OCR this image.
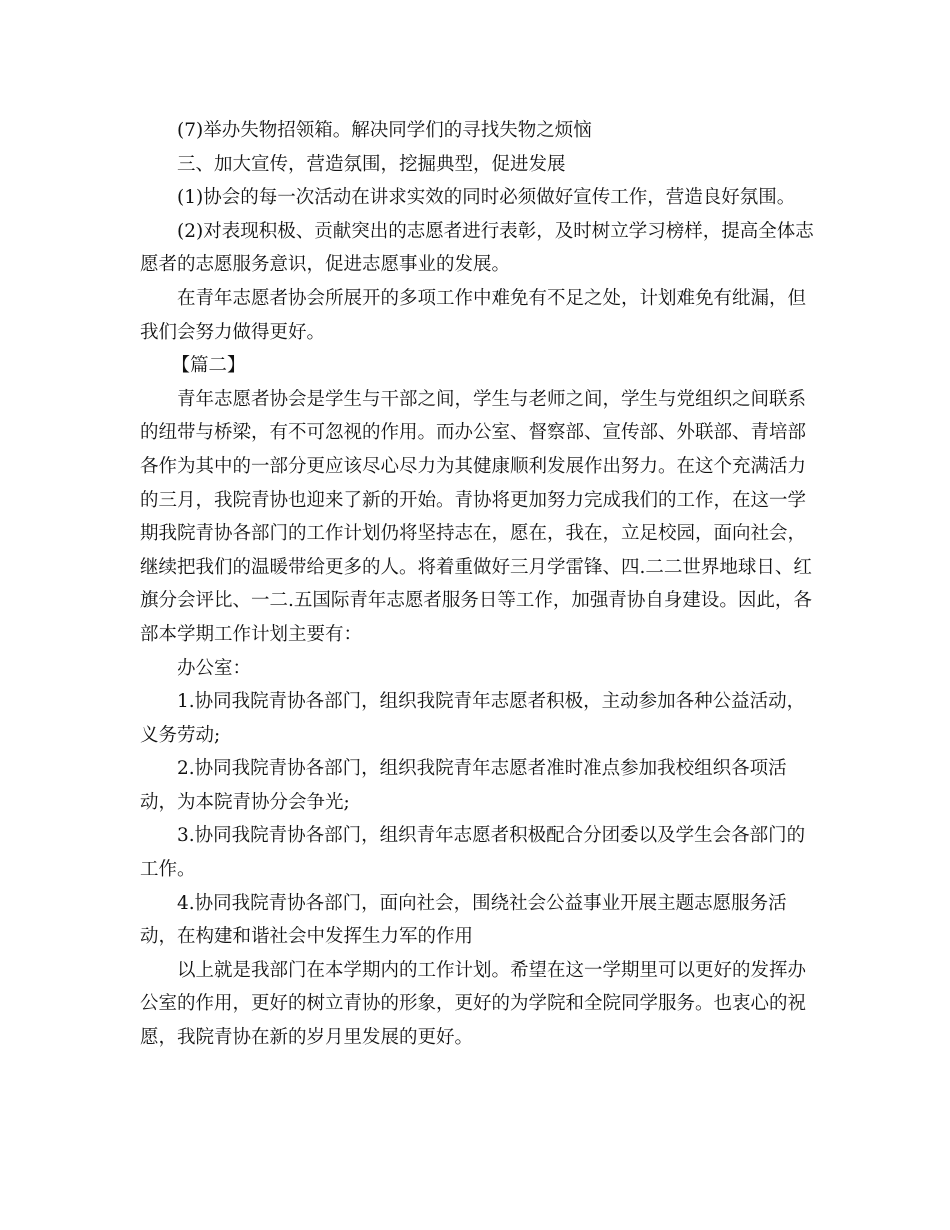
(7)举办失物招领箱。解决同学们的寻找失物之烦恼

三、加大宣传，营造氛围，挖掘典型，促进发展

(1)协会的每一次活动在讲求实效的同时必须做好宣传工作，营造良好氛围。

(2)对表现积极、贡献突出的志愿者进行表彰，及时树立学习榜样，提高全体志愿者的志愿服务意识，促进志愿事业的发展。

在青年志愿者协会所展开的多项工作中难免有不足之处，计划难免有纰漏，但我们会努力做得更好。

【篇二】

青年志愿者协会是学生与干部之间，学生与老师之间，学生与党组织之间联系的纽带与桥梁，有不可忽视的作用。而办公室、督察部、宣传部、外联部、青培部各作为其中的一部分更应该尽心尽力为其健康顺利发展作出努力。在这个充满活力的三月，我院青协也迎来了新的开始。青协将更加努力完成我们的工作，在这一学期我院青协各部门的工作计划仍将坚持志在，愿在，我在，立足校园，面向社会，继续把我们的温暖带给更多的人。将着重做好三月学雷锋、四.二二世界地球日、红旗分会评比、一二.五国际青年志愿者服务日等工作，加强青协自身建设。因此，各部本学期工作计划主要有：

办公室：

1.协同我院青协各部门，组织我院青年志愿者积极，主动参加各种公益活动，义务劳动;

2.协同我院青协各部门，组织我院青年志愿者准时准点参加我校组织各项活动，为本院青协分会争光;

3.协同我院青协各部门，组织青年志愿者积极配合分团委以及学生会各部门的工作。

4.协同我院青协各部门，面向社会，围绕社会公益事业开展主题志愿服务活动，在构建和谐社会中发挥生力军的作用

以上就是我部门在本学期内的工作计划。希望在这一学期里可以更好的发挥办公室的作用，更好的树立青协的形象，更好的为学院和全院同学服务。也衷心的祝愿，我院青协在新的岁月里发展的更好。
